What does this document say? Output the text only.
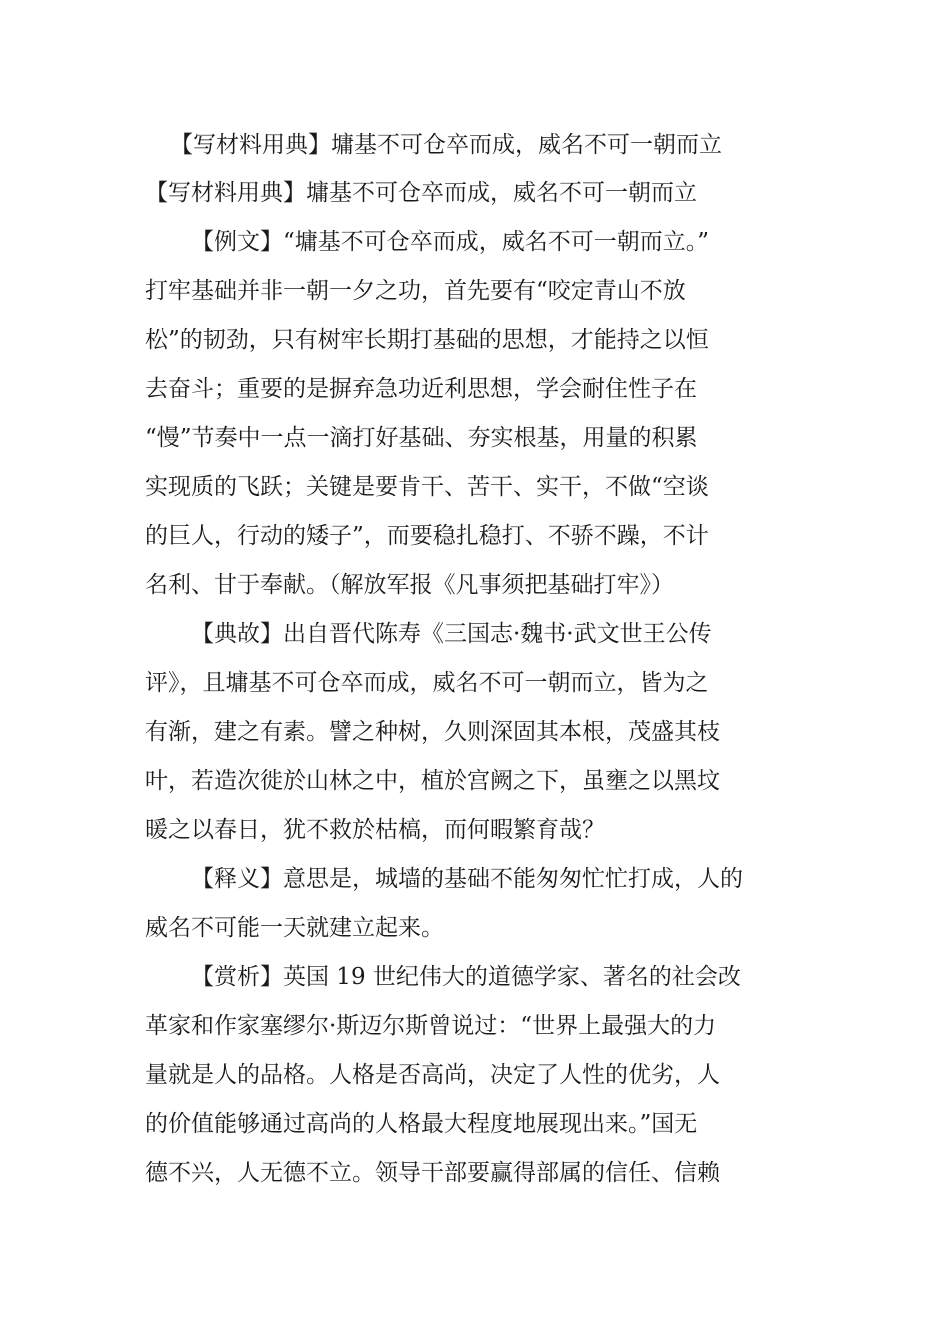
【写材料用典】墉基不可仓卒而成，威名不可一朝而立
【写材料用典】墉基不可仓卒而成，威名不可一朝而立
【例文】“墉基不可仓卒而成，威名不可一朝而立。”
打牢基础并非一朝一夕之功，首先要有“咬定青山不放
松”的韧劲，只有树牢长期打基础的思想，才能持之以恒
去奋斗；重要的是摒弃急功近利思想，学会耐住性子在
“慢”节奏中一点一滴打好基础、夯实根基，用量的积累
实现质的飞跃；关键是要肯干、苦干、实干，不做“空谈
的巨人，行动的矮子”，而要稳扎稳打、不骄不躁，不计
名利、甘于奉献。（解放军报《凡事须把基础打牢》）
【典故】出自晋代陈寿《三国志·魏书·武文世王公传
评》，且墉基不可仓卒而成，威名不可一朝而立，皆为之
有渐，建之有素。譬之种树，久则深固其本根，茂盛其枝
叶，若造次徙於山林之中，植於宫阙之下，虽壅之以黑坟
暖之以春日，犹不救於枯槁，而何暇繁育哉？
【释义】意思是，城墙的基础不能匆匆忙忙打成，人的
威名不可能一天就建立起来。
【赏析】英国 19 世纪伟大的道德学家、著名的社会改
革家和作家塞缪尔·斯迈尔斯曾说过：“世界上最强大的力
量就是人的品格。人格是否高尚，决定了人性的优劣，人
的价值能够通过高尚的人格最大程度地展现出来。”国无
德不兴，人无德不立。领导干部要赢得部属的信任、信赖
